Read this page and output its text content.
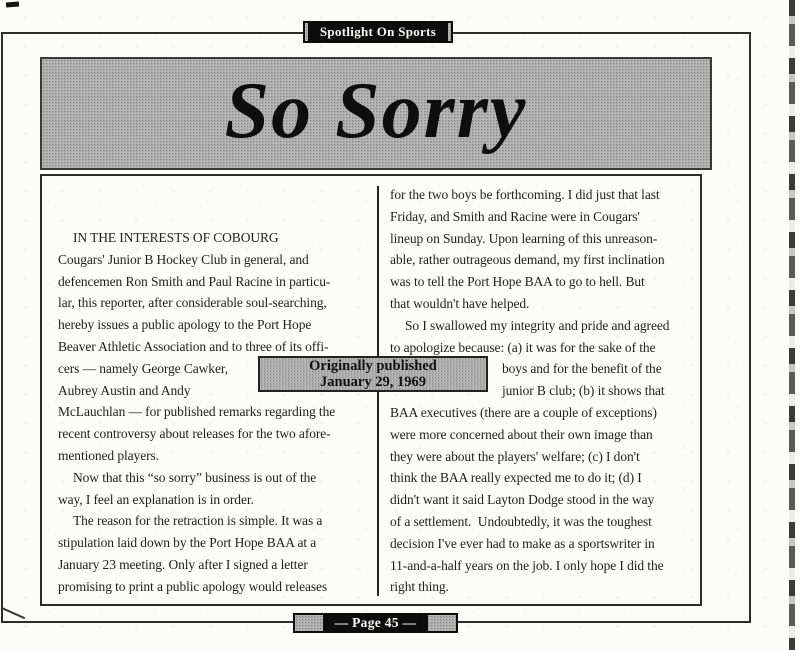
Spotlight On Sports
So Sorry
IN THE INTERESTS OF COBOURG
Cougars' Junior B Hockey Club in general, and
defencemen Ron Smith and Paul Racine in particu-
lar, this reporter, after considerable soul-searching,
hereby issues a public apology to the Port Hope
Beaver Athletic Association and to three of its offi-
cers — namely George Cawker,
Aubrey Austin and Andy
McLauchlan — for published remarks regarding the
recent controversy about releases for the two afore-
mentioned players.
Now that this “so sorry” business is out of the
way, I feel an explanation is in order.
The reason for the retraction is simple. It was a
stipulation laid down by the Port Hope BAA at a
January 23 meeting. Only after I signed a letter
promising to print a public apology would releases
for the two boys be forthcoming. I did just that last
Friday, and Smith and Racine were in Cougars'
lineup on Sunday. Upon learning of this unreason-
able, rather outrageous demand, my first inclination
was to tell the Port Hope BAA to go to hell. But
that wouldn't have helped.
So I swallowed my integrity and pride and agreed
to apologize because: (a) it was for the sake of the
boys and for the benefit of the
junior B club; (b) it shows that
BAA executives (there are a couple of exceptions)
were more concerned about their own image than
they were about the players' welfare; (c) I don't
think the BAA really expected me to do it; (d) I
didn't want it said Layton Dodge stood in the way
of a settlement.  Undoubtedly, it was the toughest
decision I've ever had to make as a sportswriter in
11-and-a-half years on the job. I only hope I did the
right thing.
Originally published
January 29, 1969
— Page 45 —
